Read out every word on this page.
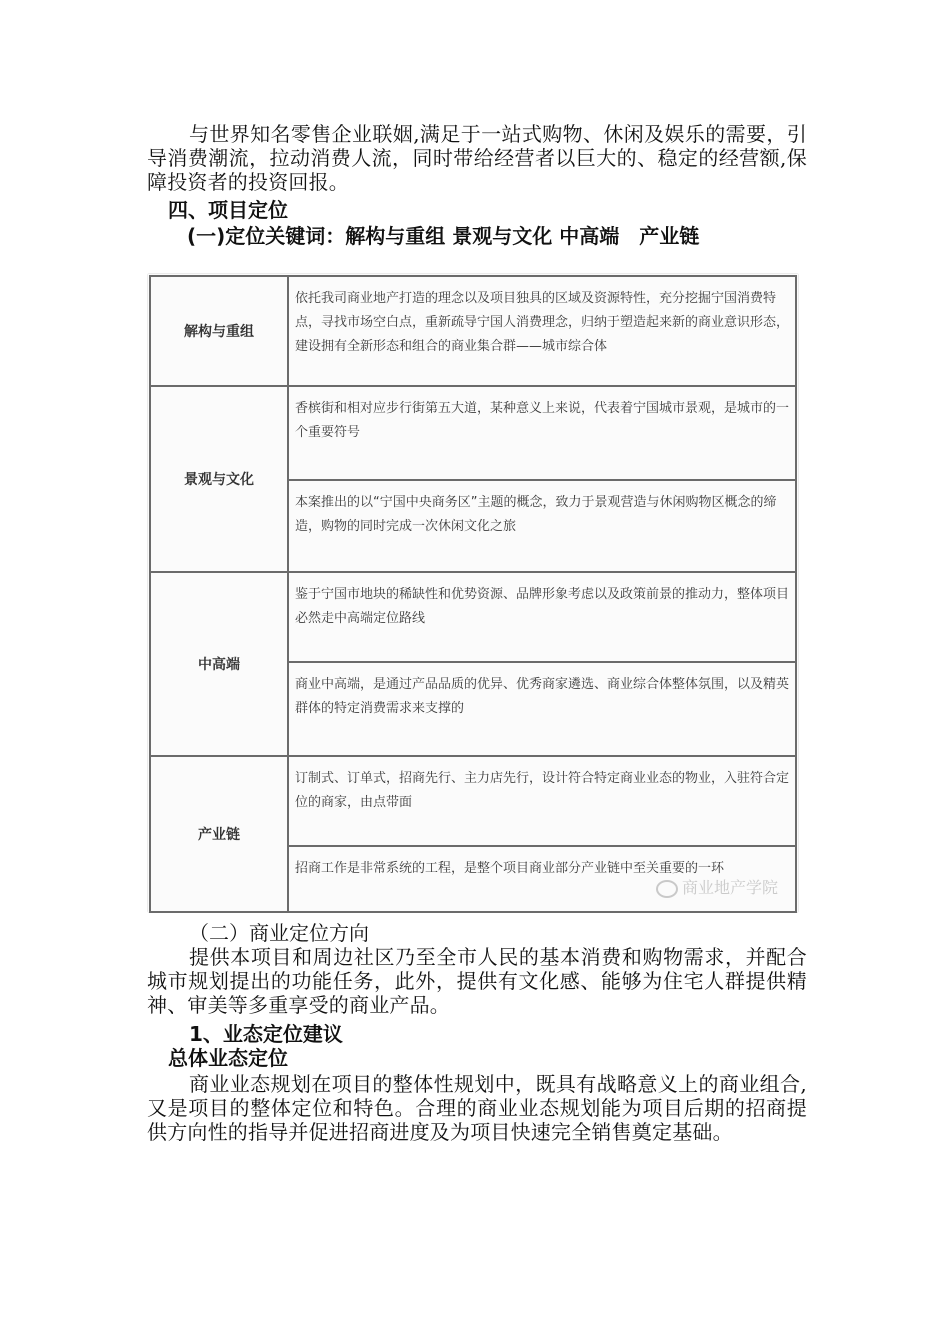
与世界知名零售企业联姻,满足于一站式购物、休闲及娱乐的需要，引导消费潮流，拉动消费人流，同时带给经营者以巨大的、稳定的经营额,保障投资者的投资回报。

四、项目定位

(一)定位关键词：解构与重组 景观与文化 中高端　产业链

解构与重组	依托我司商业地产打造的理念以及项目独具的区域及资源特性，充分挖掘宁国消费特点，寻找市场空白点，重新疏导宁国人消费理念，归纳于塑造起来新的商业意识形态，建设拥有全新形态和组合的商业集合群——城市综合体
景观与文化	香槟街和相对应步行街第五大道，某种意义上来说，代表着宁国城市景观，是城市的一个重要符号
	本案推出的以“宁国中央商务区”主题的概念，致力于景观营造与休闲购物区概念的缔造，购物的同时完成一次休闲文化之旅
中高端	鉴于宁国市地块的稀缺性和优势资源、品牌形象考虑以及政策前景的推动力，整体项目必然走中高端定位路线
	商业中高端，是通过产品品质的优异、优秀商家遴选、商业综合体整体氛围，以及精英群体的特定消费需求来支撑的
产业链	订制式、订单式，招商先行、主力店先行，设计符合特定商业业态的物业，入驻符合定位的商家，由点带面
	招商工作是非常系统的工程，是整个项目商业部分产业链中至关重要的一环
商业地产学院

（二）商业定位方向

提供本项目和周边社区乃至全市人民的基本消费和购物需求，并配合城市规划提出的功能任务，此外，提供有文化感、能够为住宅人群提供精神、审美等多重享受的商业产品。

1、业态定位建议

总体业态定位

商业业态规划在项目的整体性规划中，既具有战略意义上的商业组合,又是项目的整体定位和特色。合理的商业业态规划能为项目后期的招商提供方向性的指导并促进招商进度及为项目快速完全销售奠定基础。
